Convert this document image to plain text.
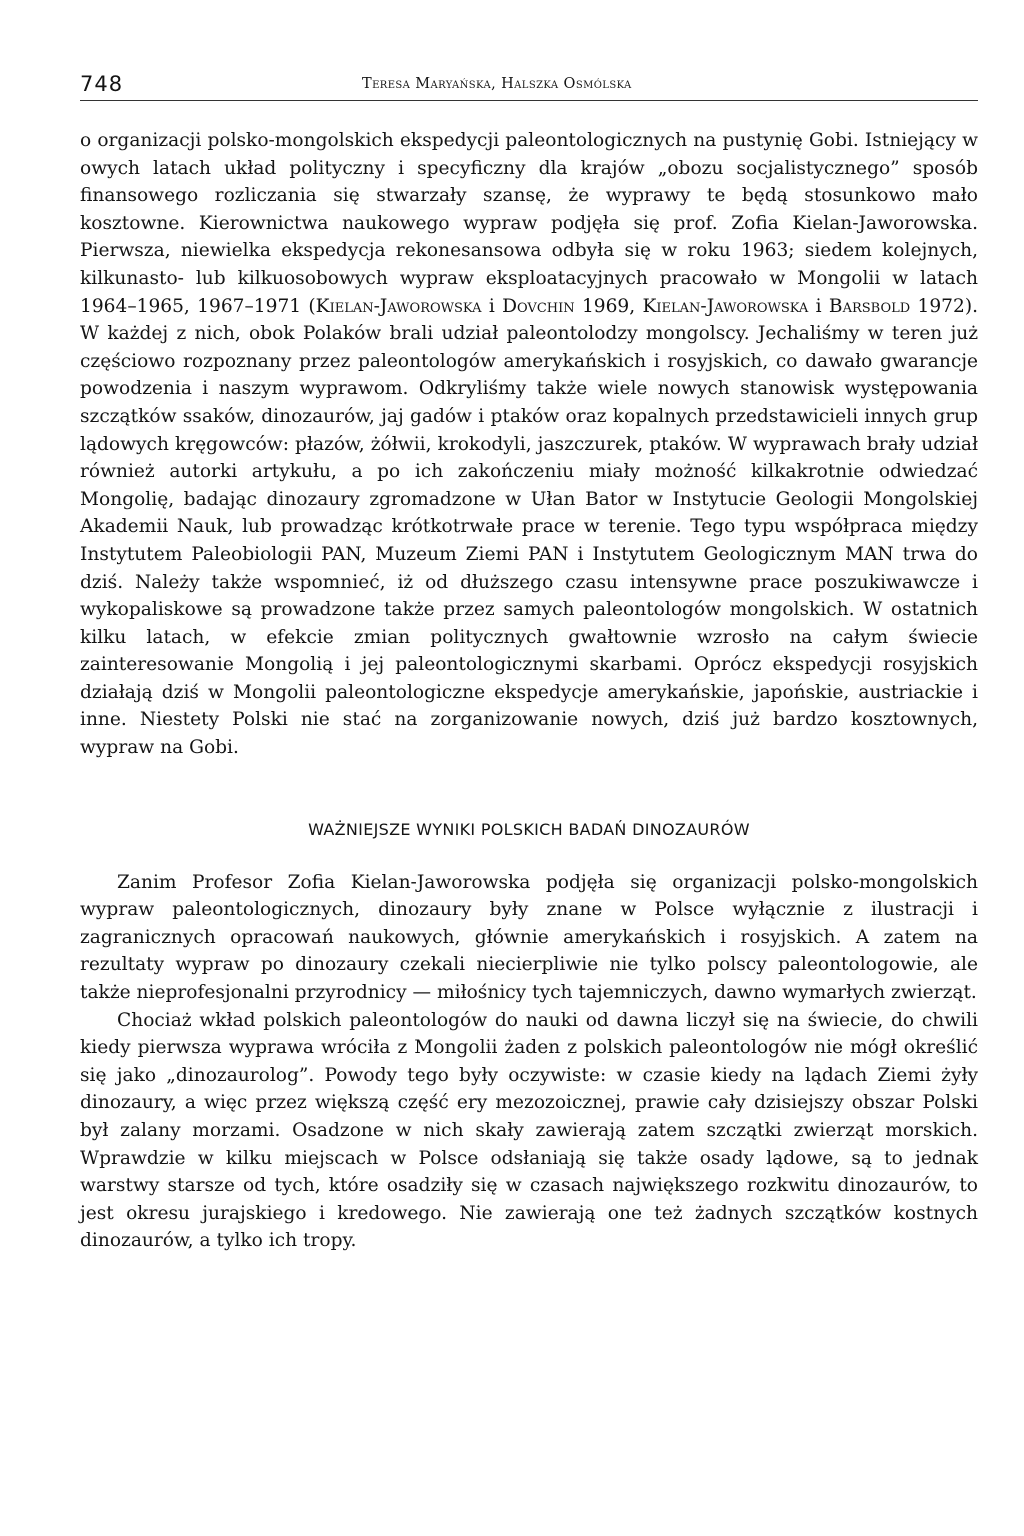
748	Teresa Maryańska, Halszka Osmólska

o organizacji polsko-mongolskich ekspedycji paleontologicznych na pustynię Gobi. Istniejący w owych latach układ polityczny i specyficzny dla krajów „obozu socjalistycznego” sposób finansowego rozliczania się stwarzały szansę, że wyprawy te będą stosunkowo mało kosztowne. Kierownictwa naukowego wypraw podjęła się prof. Zofia Kielan-Jaworowska. Pierwsza, niewielka ekspedycja rekonesansowa odbyła się w roku 1963; siedem kolejnych, kilkunasto- lub kilkuosobowych wypraw eksploatacyjnych pracowało w Mongolii w latach 1964–1965, 1967–1971 (Kielan-Jaworowska i Dovchin 1969, Kielan-Jaworowska i Barsbold 1972). W każdej z nich, obok Polaków brali udział paleontolodzy mongolscy. Jechaliśmy w teren już częściowo rozpoznany przez paleontologów amerykańskich i rosyjskich, co dawało gwarancje powodzenia i naszym wyprawom. Odkryliśmy także wiele nowych stanowisk występowania szczątków ssaków, dinozaurów, jaj gadów i ptaków oraz kopalnych przedstawicieli innych grup lądowych kręgowców: płazów, żółwii, krokodyli, jaszczurek, ptaków. W wyprawach brały udział również autorki artykułu, a po ich zakończeniu miały możność kilkakrotnie odwiedzać Mongolię, badając dinozaury zgromadzone w Ułan Bator w Instytucie Geologii Mongolskiej Akademii Nauk, lub prowadząc krótkotrwałe prace w terenie. Tego typu współpraca między Instytutem Paleobiologii PAN, Muzeum Ziemi PAN i Instytutem Geologicznym MAN trwa do dziś. Należy także wspomnieć, iż od dłuższego czasu intensywne prace poszukiwawcze i wykopaliskowe są prowadzone także przez samych paleontologów mongolskich. W ostatnich kilku latach, w efekcie zmian politycznych gwałtownie wzrosło na całym świecie zainteresowanie Mongolią i jej paleontologicznymi skarbami. Oprócz ekspedycji rosyjskich działają dziś w Mongolii paleontologiczne ekspedycje amerykańskie, japońskie, austriackie i inne. Niestety Polski nie stać na zorganizowanie nowych, dziś już bardzo kosztownych, wypraw na Gobi.

WAŻNIEJSZE WYNIKI POLSKICH BADAŃ DINOZAURÓW

Zanim Profesor Zofia Kielan-Jaworowska podjęła się organizacji polsko-mongolskich wypraw paleontologicznych, dinozaury były znane w Polsce wyłącznie z ilustracji i zagranicznych opracowań naukowych, głównie amerykańskich i rosyjskich. A zatem na rezultaty wypraw po dinozaury czekali niecierpliwie nie tylko polscy paleontologowie, ale także nieprofesjonalni przyrodnicy — miłośnicy tych tajemniczych, dawno wymarłych zwierząt.

Chociaż wkład polskich paleontologów do nauki od dawna liczył się na świecie, do chwili kiedy pierwsza wyprawa wróciła z Mongolii żaden z polskich paleontologów nie mógł określić się jako „dinozaurolog”. Powody tego były oczywiste: w czasie kiedy na lądach Ziemi żyły dinozaury, a więc przez większą część ery mezozoicznej, prawie cały dzisiejszy obszar Polski był zalany morzami. Osadzone w nich skały zawierają zatem szczątki zwierząt morskich. Wprawdzie w kilku miejscach w Polsce odsłaniają się także osady lądowe, są to jednak warstwy starsze od tych, które osadziły się w czasach największego rozkwitu dinozaurów, to jest okresu jurajskiego i kredowego. Nie zawierają one też żadnych szczątków kostnych dinozaurów, a tylko ich tropy.
